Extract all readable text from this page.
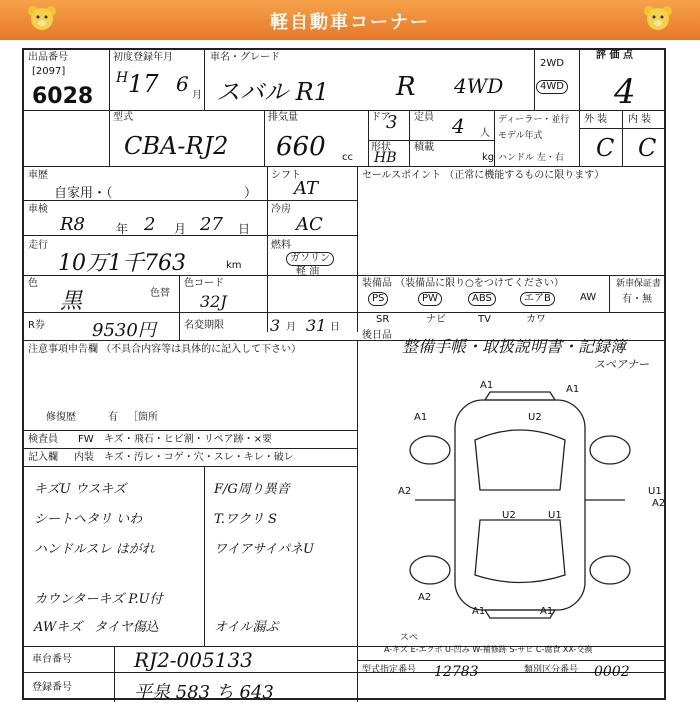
軽自動車コーナー
出品番号
[2097]
6028
初度登録年月
H 17 6 月
車名・グレード
スバル R1	R 4WD
2WD
4WD
評 価 点
4
外 装 内 装
C C
型式
CBA-RJ2
排気量
660 cc
ドア
3 定員 4 人
形状
HB
積載
kg
ディーラー・並行
モデル年式
ハンドル 左・右
車歴
自家用・（	）
シフト
AT
セールスポイント （正常に機能するものに限ります）
車検
R8	年 2 月 27 日
冷房
AC
走行
10万1千763	km
燃料
ガソリン
軽 油
色
黒	色替
色コード
32J
装備品 （装備品に限り○をつけてください）	新車保証書
有・無
PS	PW	ABS	エアB	AW
SR	ナビ	TV	カワ
R券	9530円	名変期限	3 月 31 日
後日品
整備手帳・取扱説明書・記録簿
スペアナー
注意事項申告欄 （不具合内容等は具体的に記入して下さい）
修復歴	有 ［箇所
検査員 FW キズ・飛石・ヒビ割・リペア跡・×要
記入欄 内装 キズ・汚レ・コゲ・穴・スレ・キレ・破レ
キズU ウスキズ	F/G周り異音
シートヘタリ いわ	T.ワクリ S
ハンドルスレ はがれ	ワイアサイパネU
カウンターキズ P.U付
AWキズ タイヤ傷込	オイル漏ぷ
車台番号	RJ2-005133
登録番号	平泉 583 ち 643
A-キズ E-エクボ U-凹み W-補修跡 S-サビ C-腐食 XX-交換
型式指定番号 12783	類別区分番号 0002
A1
U2
A1
A1
A2	U1
A2
U2	U1
A2
A1	A1
スペ
